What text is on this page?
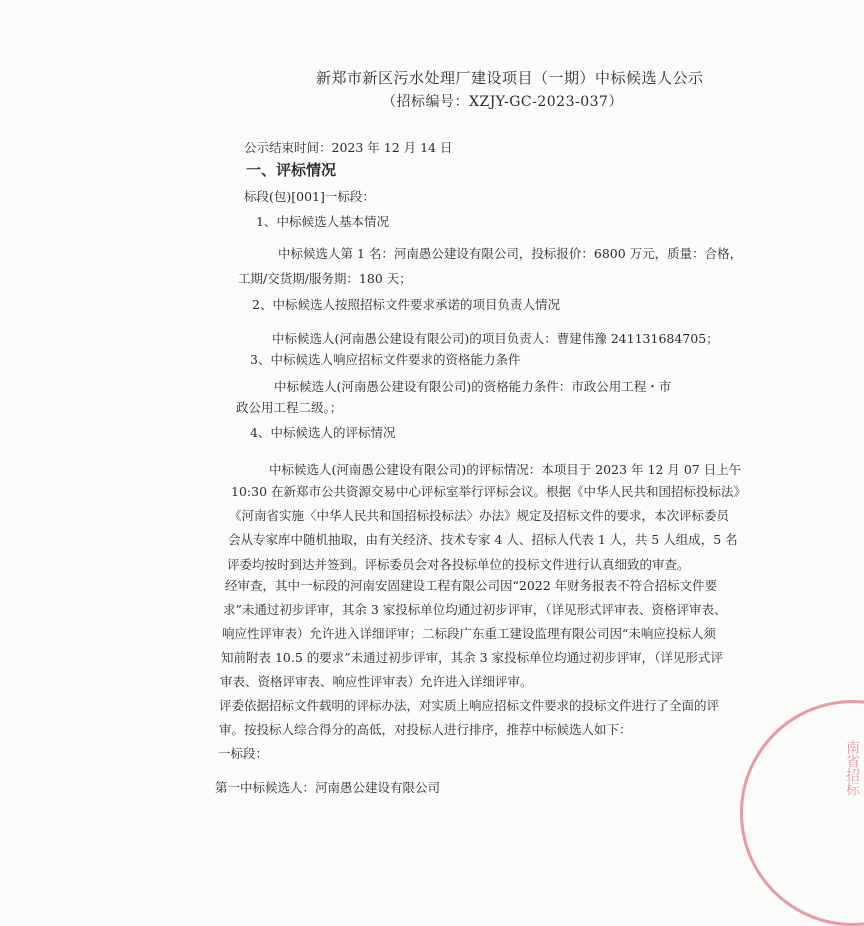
新郑市新区污水处理厂建设项目（一期）中标候选人公示
（招标编号：XZJY-GC-2023-037）
公示结束时间：2023 年 12 月 14 日
一、评标情况
标段(包)[001]一标段：
1、中标候选人基本情况
中标候选人第 1 名：河南愚公建设有限公司，投标报价：6800 万元，质量：合格，
工期/交货期/服务期：180 天；
2、中标候选人按照招标文件要求承诺的项目负责人情况
中标候选人(河南愚公建设有限公司)的项目负责人：曹建伟豫 241131684705；
3、中标候选人响应招标文件要求的资格能力条件
中标候选人(河南愚公建设有限公司)的资格能力条件：市政公用工程・市
政公用工程二级。；
4、中标候选人的评标情况
中标候选人(河南愚公建设有限公司)的评标情况：本项目于 2023 年 12 月 07 日上午
10:30 在新郑市公共资源交易中心评标室举行评标会议。根据《中华人民共和国招标投标法》
《河南省实施〈中华人民共和国招标投标法〉办法》规定及招标文件的要求，本次评标委员
会从专家库中随机抽取，由有关经济、技术专家 4 人、招标人代表 1 人，共 5 人组成，5 名
评委均按时到达并签到。评标委员会对各投标单位的投标文件进行认真细致的审查。
经审查，其中一标段的河南安固建设工程有限公司因“2022 年财务报表不符合招标文件要
求”未通过初步评审，其余 3 家投标单位均通过初步评审，（详见形式评审表、资格评审表、
响应性评审表）允许进入详细评审；二标段广东重工建设监理有限公司因“未响应投标人须
知前附表 10.5 的要求”未通过初步评审，其余 3 家投标单位均通过初步评审，（详见形式评
审表、资格评审表、响应性评审表）允许进入详细评审。
评委依据招标文件载明的评标办法，对实质上响应招标文件要求的投标文件进行了全面的评
审。按投标人综合得分的高低，对投标人进行排序，推荐中标候选人如下：
一标段：
第一中标候选人：河南愚公建设有限公司	南省招标
